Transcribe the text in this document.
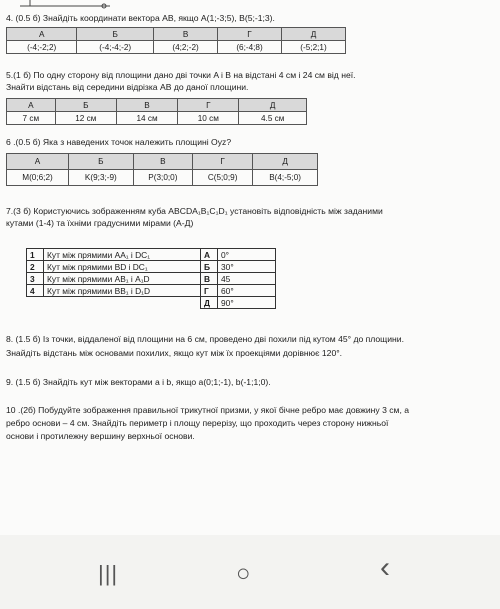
4. (0.5 б) Знайдіть координати вектора AB, якщо A(1;-3;5), B(5;-1;3).
А	Б	В	Г	Д
(-4;-2;2)	(-4;-4;-2)	(4;2;-2)	(6;-4;8)	(-5;2;1)
5.(1 б) По одну сторону від площини дано дві точки A і B на відстані 4 см і 24 см від неї.
Знайти відстань від середини відрізка AB до даної площини.
А	Б	В	Г	Д
7 см	12 см	14 см	10 см	4.5 см
6 .(0.5 б) Яка з наведених точок належить площині Oyz?
А	Б	В	Г	Д
M(0;6;2)	K(9;3;-9)	P(3;0;0)	C(5;0;9)	B(4;-5;0)
7.(3 б) Користуючись зображенням куба ABCDA₁B₁C₁D₁ установіть відповідність між заданими
кутами (1-4) та їхніми градусними мірами (А-Д)
1	Кут між прямими AA₁ і DC₁	А	0°
2	Кут між прямими BD і DC₁	Б	30°
3	Кут між прямими AB₁ і A₁D	В	45
4	Кут між прямими BB₁ і D₁D	Г	60°
		Д	90°
8. (1.5 б) Із точки, віддаленої від площини на 6 см, проведено дві похили під кутом 45° до площини.
Знайдіть відстань між основами похилих, якщо кут між їх проекціями дорівнює 120°.
9. (1.5 б) Знайдіть кут між векторами a і b, якщо a(0;1;-1), b(-1;1;0).
10 .(2б) Побудуйте зображення правильної трикутної призми, у якої бічне ребро має довжину 3 см, а
ребро основи – 4 см. Знайдіть периметр і площу перерізу, що проходить через сторону нижньої
основи і протилежну вершину верхньої основи.
|||	○	‹
